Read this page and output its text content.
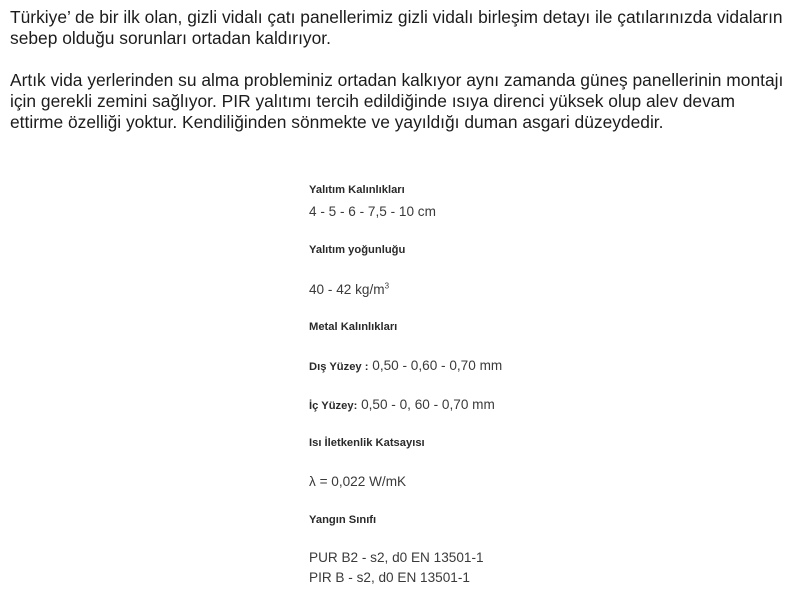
Türkiye’ de bir ilk olan, gizli vidalı çatı panellerimiz gizli vidalı birleşim detayı ile çatılarınızda vidaların sebep olduğu sorunları ortadan kaldırıyor.

Artık vida yerlerinden su alma probleminiz ortadan kalkıyor aynı zamanda güneş panellerinin montajı için gerekli zemini sağlıyor. PIR yalıtımı tercih edildiğinde ısıya direnci yüksek olup alev devam ettirme özelliği yoktur. Kendiliğinden sönmekte ve yayıldığı duman asgari düzeydedir.

Yalıtım Kalınlıkları
4 - 5 - 6 - 7,5 - 10 cm
Yalıtım yoğunluğu
40 - 42 $kg/m^3$
Metal Kalınlıkları
Dış Yüzey : 0,50 - 0,60 - 0,70 mm
İç Yüzey: 0,50 - 0, 60 - 0,70 mm
Isı İletkenlik Katsayısı
λ = 0,022 W/mK
Yangın Sınıfı
PUR B2 - s2, d0 EN 13501-1
PIR B - s2, d0 EN 13501-1
